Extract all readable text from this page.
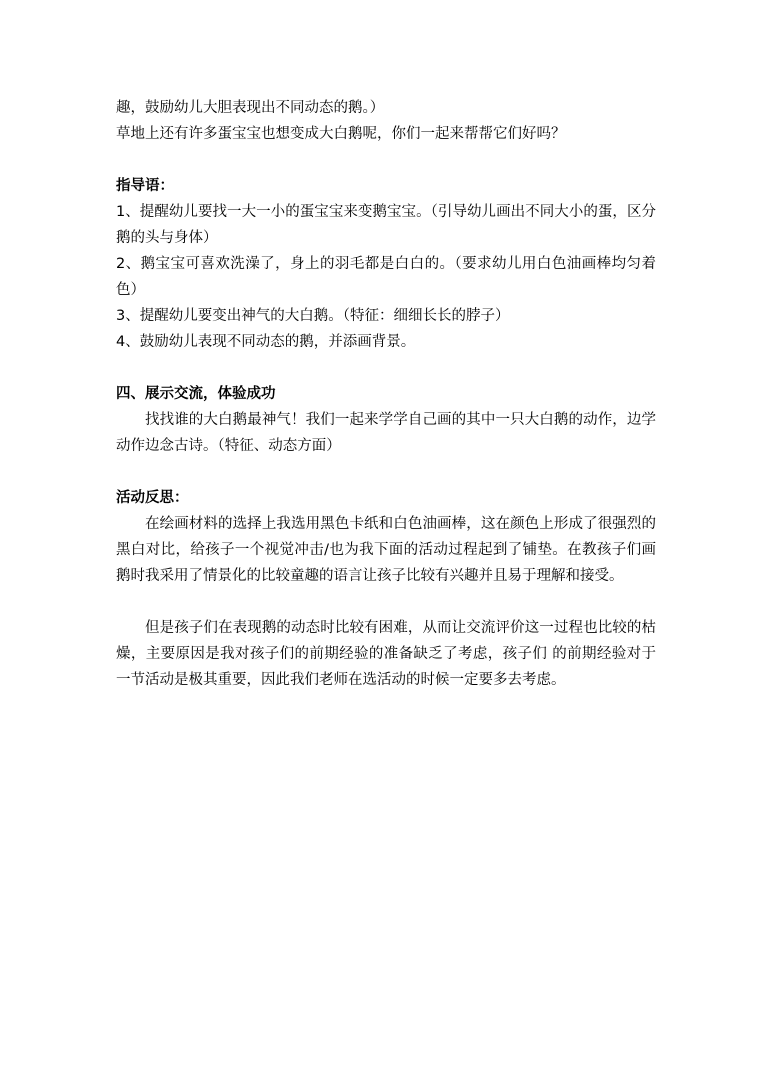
趣，鼓励幼儿大胆表现出不同动态的鹅。）

草地上还有许多蛋宝宝也想变成大白鹅呢，你们一起来帮帮它们好吗？

指导语：

1、提醒幼儿要找一大一小的蛋宝宝来变鹅宝宝。（引导幼儿画出不同大小的蛋，区分鹅的头与身体）

2、鹅宝宝可喜欢洗澡了，身上的羽毛都是白白的。（要求幼儿用白色油画棒均匀着色）

3、提醒幼儿要变出神气的大白鹅。（特征：细细长长的脖子）

4、鼓励幼儿表现不同动态的鹅，并添画背景。

四、展示交流，体验成功

找找谁的大白鹅最神气！我们一起来学学自己画的其中一只大白鹅的动作，边学动作边念古诗。（特征、动态方面）

活动反思：

在绘画材料的选择上我选用黑色卡纸和白色油画棒，这在颜色上形成了很强烈的黑白对比，给孩子一个视觉冲击/也为我下面的活动过程起到了铺垫。在教孩子们画鹅时我采用了情景化的比较童趣的语言让孩子比较有兴趣并且易于理解和接受。

但是孩子们在表现鹅的动态时比较有困难，从而让交流评价这一过程也比较的枯燥，主要原因是我对孩子们的前期经验的准备缺乏了考虑，孩子们 的前期经验对于一节活动是极其重要，因此我们老师在选活动的时候一定要多去考虑。
